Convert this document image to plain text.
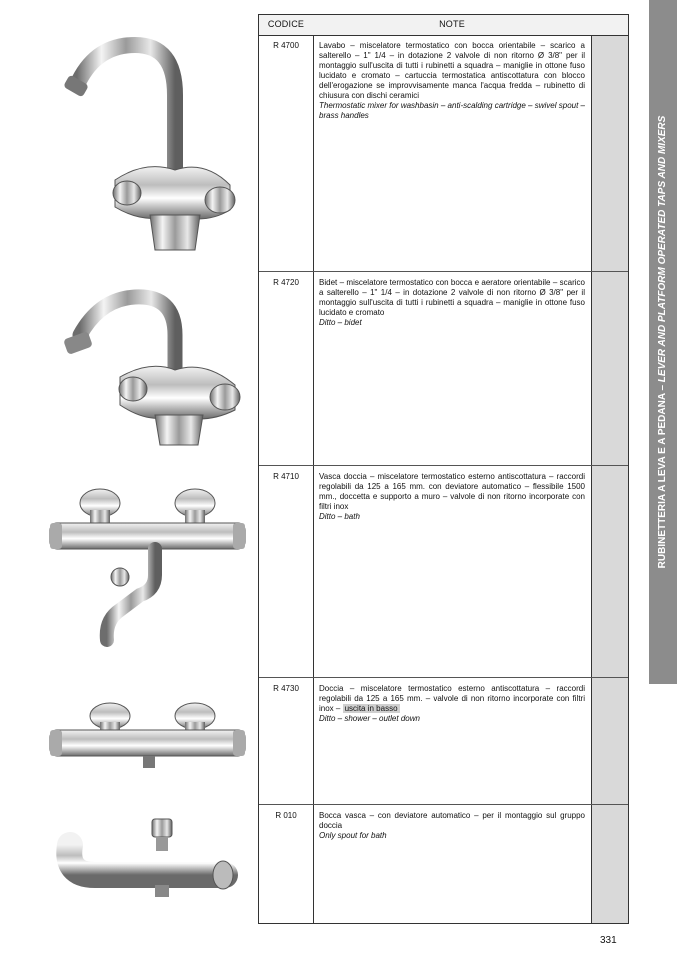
CODICE	NOTE
R 4700	Lavabo – miscelatore termostatico con bocca orientabile – scarico a salterello – 1" 1/4 – in dotazione 2 valvole di non ritorno Ø 3/8" per il montaggio sull'uscita di tutti i rubinetti a squadra – maniglie in ottone fuso lucidato e cromato – cartuccia termostatica antiscottatura con blocco dell'erogazione se improvvisamente manca l'acqua fredda – rubinetto di chiusura con dischi ceramici
Thermostatic mixer for washbasin – anti-scalding cartridge – swivel spout – brass handles
R 4720	Bidet – miscelatore termostatico con bocca e aeratore orientabile – scarico a salterello – 1" 1/4 – in dotazione 2 valvole di non ritorno Ø 3/8" per il montaggio sull'uscita di tutti i rubinetti a squadra – maniglie in ottone fuso lucidato e cromato
Ditto – bidet
R 4710	Vasca doccia – miscelatore termostatico esterno antiscottatura – raccordi regolabili da 125 a 165 mm. con deviatore automatico – flessibile 1500 mm., doccetta e supporto a muro – valvole di non ritorno incorporate con filtri inox
Ditto – bath
R 4730	Doccia – miscelatore termostatico esterno antiscottatura – raccordi regolabili da 125 a 165 mm. – valvole di non ritorno incorporate con filtri inox – uscita in basso
Ditto – shower – outlet down
R 010	Bocca vasca – con deviatore automatico – per il montaggio sul gruppo doccia
Only spout for bath
RUBINETTERIA A LEVA E A PEDANA – LEVER AND PLATFORM OPERATED TAPS AND MIXERS
331
